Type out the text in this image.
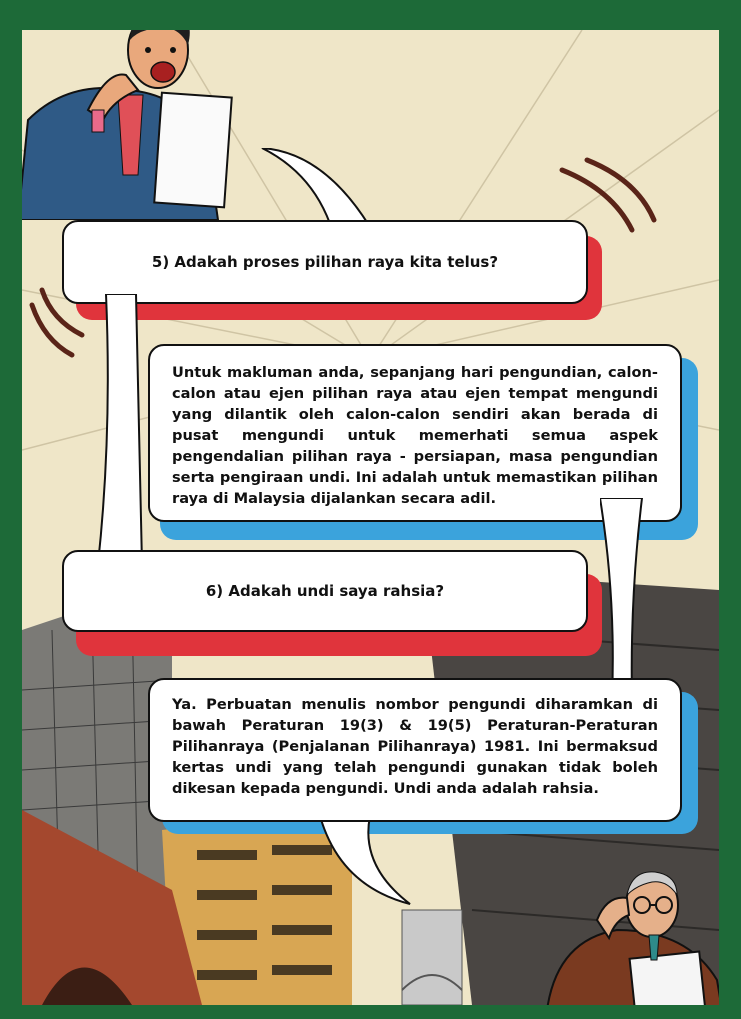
5) Adakah proses pilihan raya kita telus?
Untuk makluman anda, sepanjang hari pengundian, calon-calon atau ejen pilihan raya atau ejen tempat mengundi yang dilantik oleh calon-calon sendiri akan berada di pusat mengundi untuk memerhati semua aspek pengendalian pilihan raya - persiapan, masa pengundian serta pengiraan undi. Ini adalah untuk memastikan pilihan raya di Malaysia dijalankan secara adil.
6) Adakah undi saya rahsia?
Ya. Perbuatan menulis nombor pengundi diharamkan di bawah Peraturan 19(3) & 19(5) Peraturan-Peraturan Pilihanraya (Penjalanan Pilihanraya) 1981. Ini bermaksud kertas undi yang telah pengundi gunakan tidak boleh dikesan kepada pengundi. Undi anda adalah rahsia.
